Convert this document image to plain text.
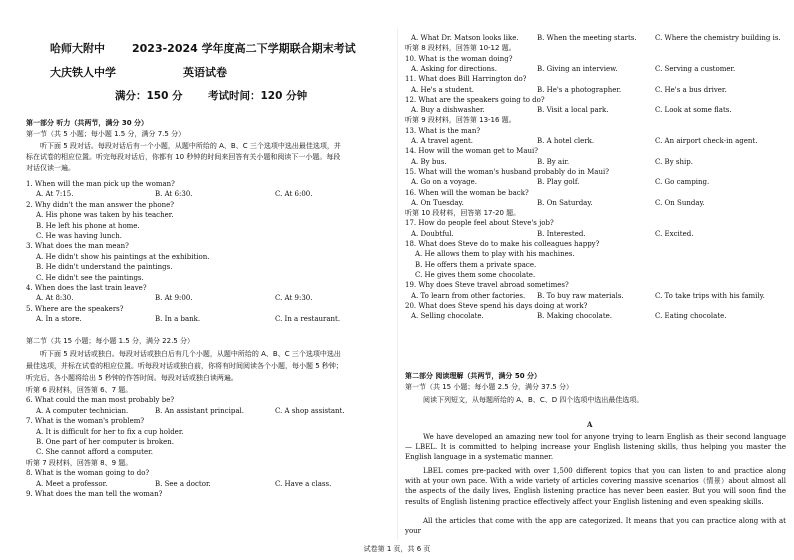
哈师大附中 2023-2024 学年度高二下学期联合期末考试
大庆铁人中学	英语试卷
满分：150 分 考试时间：120 分钟
第一部分 听力（共两节，满分 30 分）
第一节（共 5 小题；每小题 1.5 分，满分 7.5 分）
听下面 5 段对话。每段对话后有一个小题，从题中所给的 A、B、C 三个选项中选出最佳选项，并
标在试卷的相应位置。听完每段对话后，你都有 10 秒钟的时间来回答有关小题和阅读下一小题。每段
对话仅读一遍。
1. When will the man pick up the woman?
A. At 7:15.	B. At 6:30.	C. At 6:00.
2. Why didn't the man answer the phone?
A. His phone was taken by his teacher.
B. He left his phone at home.
C. He was having lunch.
3. What does the man mean?
A. He didn't show his paintings at the exhibition.
B. He didn't understand the paintings.
C. He didn't see the paintings.
4. When does the last train leave?
A. At 8:30.	B. At 9:00.	C. At 9:30.
5. Where are the speakers?
A. In a store.	B. In a bank.	C. In a restaurant.
第二节（共 15 小题；每小题 1.5 分，满分 22.5 分）
听下面 5 段对话或独白。每段对话或独白后有几个小题，从题中所给的 A、B、C 三个选项中选出
最佳选项，并标在试卷的相应位置。听每段对话或独白前，你将有时间阅读各个小题，每小题 5 秒钟；
听完后，各小题将给出 5 秒钟的作答时间。每段对话或独白读两遍。
听第 6 段材料，回答第 6、7 题。
6. What could the man most probably be?
A. A computer technician.	B. An assistant principal.	C. A shop assistant.
7. What is the woman's problem?
A. It is difficult for her to fix a cup holder.
B. One part of her computer is broken.
C. She cannot afford a computer.
听第 7 段材料，回答第 8、9 题。
8. What is the woman going to do?
A. Meet a professor.	B. See a doctor.	C. Have a class.
9. What does the man tell the woman?
A. What Dr. Matson looks like.	B. When the meeting starts.	C. Where the chemistry building is.
听第 8 段材料，回答第 10-12 题。
10. What is the woman doing?
A. Asking for directions.	B. Giving an interview.	C. Serving a customer.
11. What does Bill Harrington do?
A. He's a student.	B. He's a photographer.	C. He's a bus driver.
12. What are the speakers going to do?
A. Buy a dishwasher.	B. Visit a local park.	C. Look at some flats.
听第 9 段材料，回答第 13-16 题。
13. What is the man?
A. A travel agent.	B. A hotel clerk.	C. An airport check-in agent.
14. How will the woman get to Maui?
A. By bus.	B. By air.	C. By ship.
15. What will the woman's husband probably do in Maui?
A. Go on a voyage.	B. Play golf.	C. Go camping.
16. When will the woman be back?
A. On Tuesday.	B. On Saturday.	C. On Sunday.
听第 10 段材料，回答第 17-20 题。
17. How do people feel about Steve's job?
A. Doubtful.	B. Interested.	C. Excited.
18. What does Steve do to make his colleagues happy?
A. He allows them to play with his machines.
B. He offers them a private space.
C. He gives them some chocolate.
19. Why does Steve travel abroad sometimes?
A. To learn from other factories. B. To buy raw materials.	C. To take trips with his family.
20. What does Steve spend his days doing at work?
A. Selling chocolate.	B. Making chocolate.	C. Eating chocolate.
第二部分 阅读理解（共两节，满分 50 分）
第一节（共 15 小题；每小题 2.5 分，满分 37.5 分）
阅读下列短文，从每题所给的 A、B、C、D 四个选项中选出最佳选项。
A
We have developed an amazing new tool for anyone trying to learn English as their second language — LBEL. It is committed to helping increase your English listening skills, thus helping you master the English language in a systematic manner.
LBEL comes pre-packed with over 1,500 different topics that you can listen to and practice along with at your own pace. With a wide variety of articles covering massive scenarios（情景）about almost all the aspects of the daily lives, English listening practice has never been easier. But you will soon find the results of English listening practice effectively affect your English listening and even speaking skills.
All the articles that come with the app are categorized. It means that you can practice along with at your
试卷第 1 页，共 6 页
